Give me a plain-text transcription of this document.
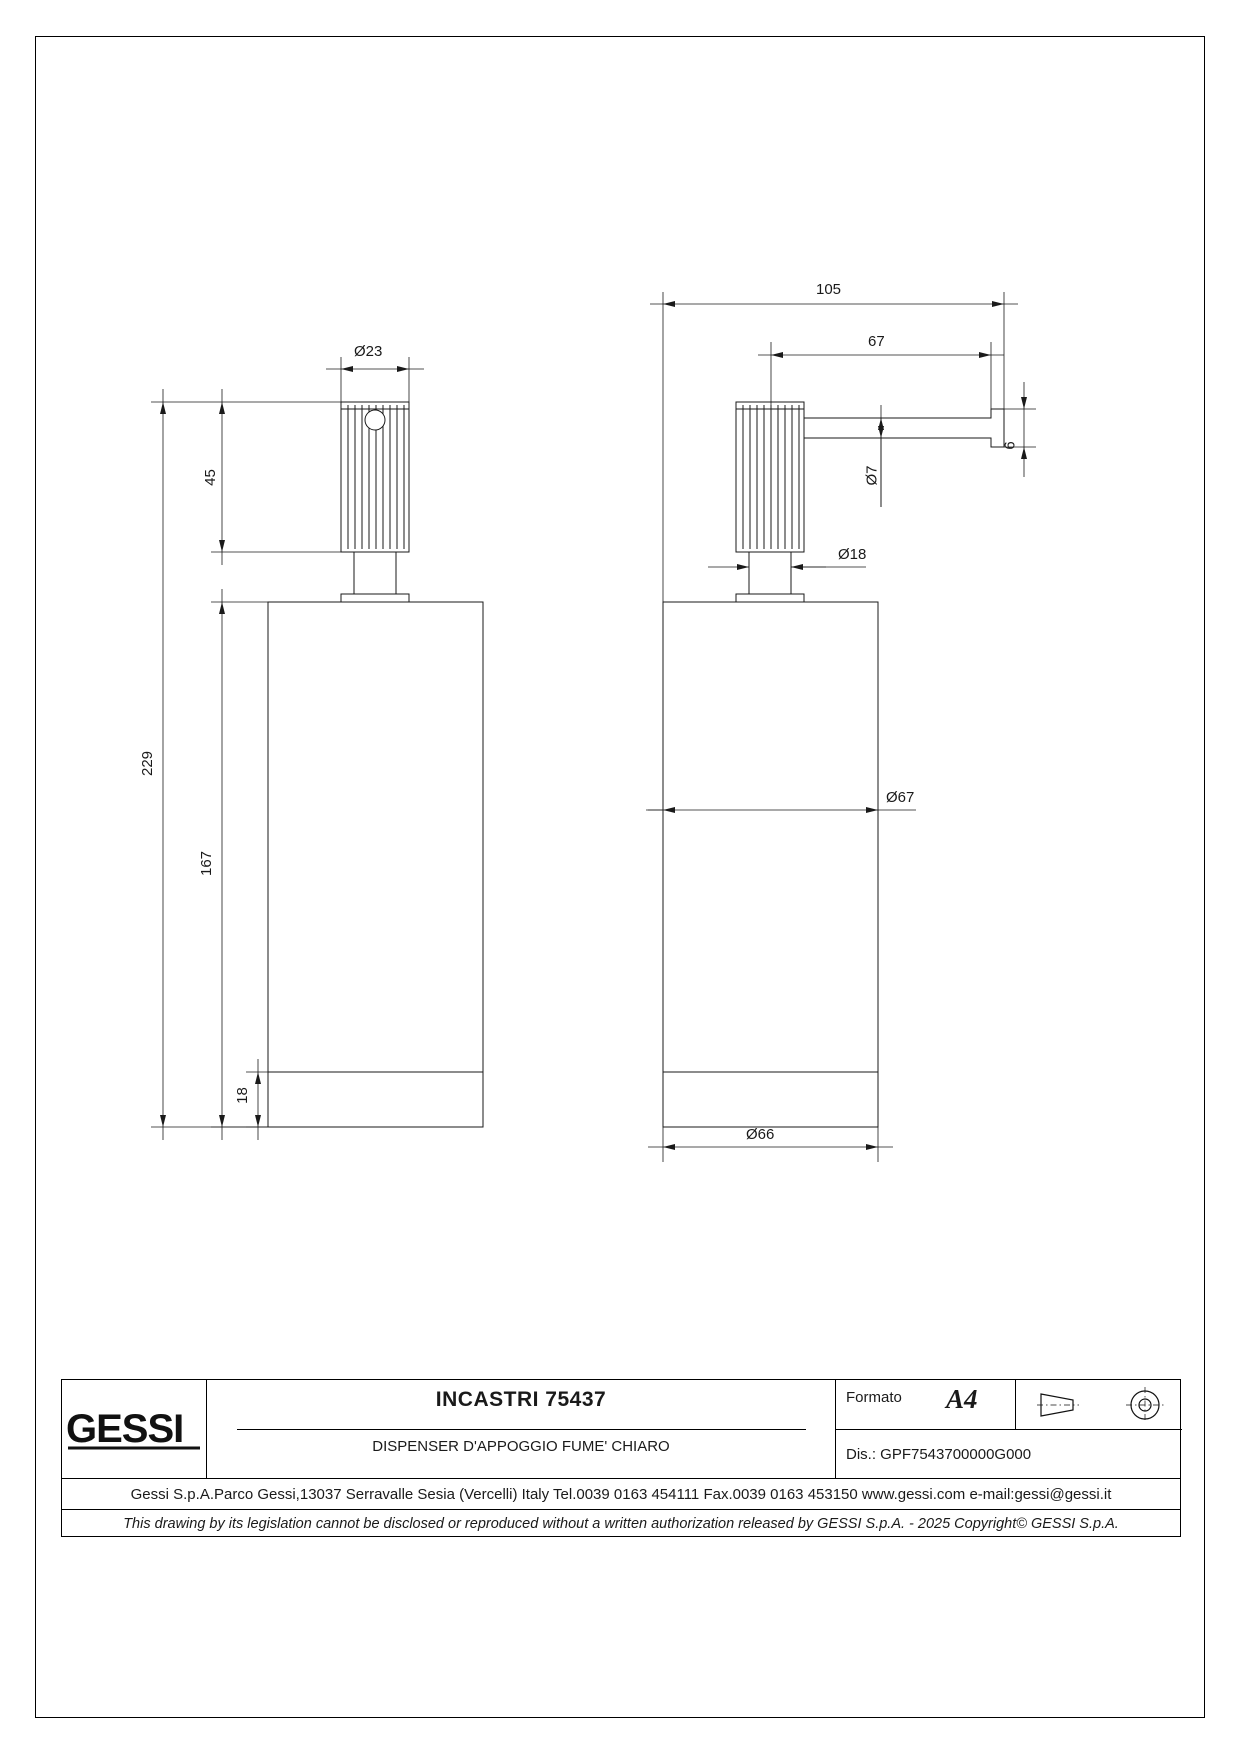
Ø23
45
229
167
18
105
67
Ø7
6
Ø18
Ø67
Ø66
GESSI
INCASTRI 75437
DISPENSER D'APPOGGIO FUME' CHIARO
Formato A4
Dis.: GPF7543700000G000
Gessi S.p.A.Parco Gessi,13037 Serravalle Sesia (Vercelli) Italy Tel.0039 0163 454111 Fax.0039 0163 453150 www.gessi.com e-mail:gessi@gessi.it
This drawing by its legislation cannot be disclosed or reproduced without a written authorization released by GESSI S.p.A. - 2025 Copyright© GESSI S.p.A.
